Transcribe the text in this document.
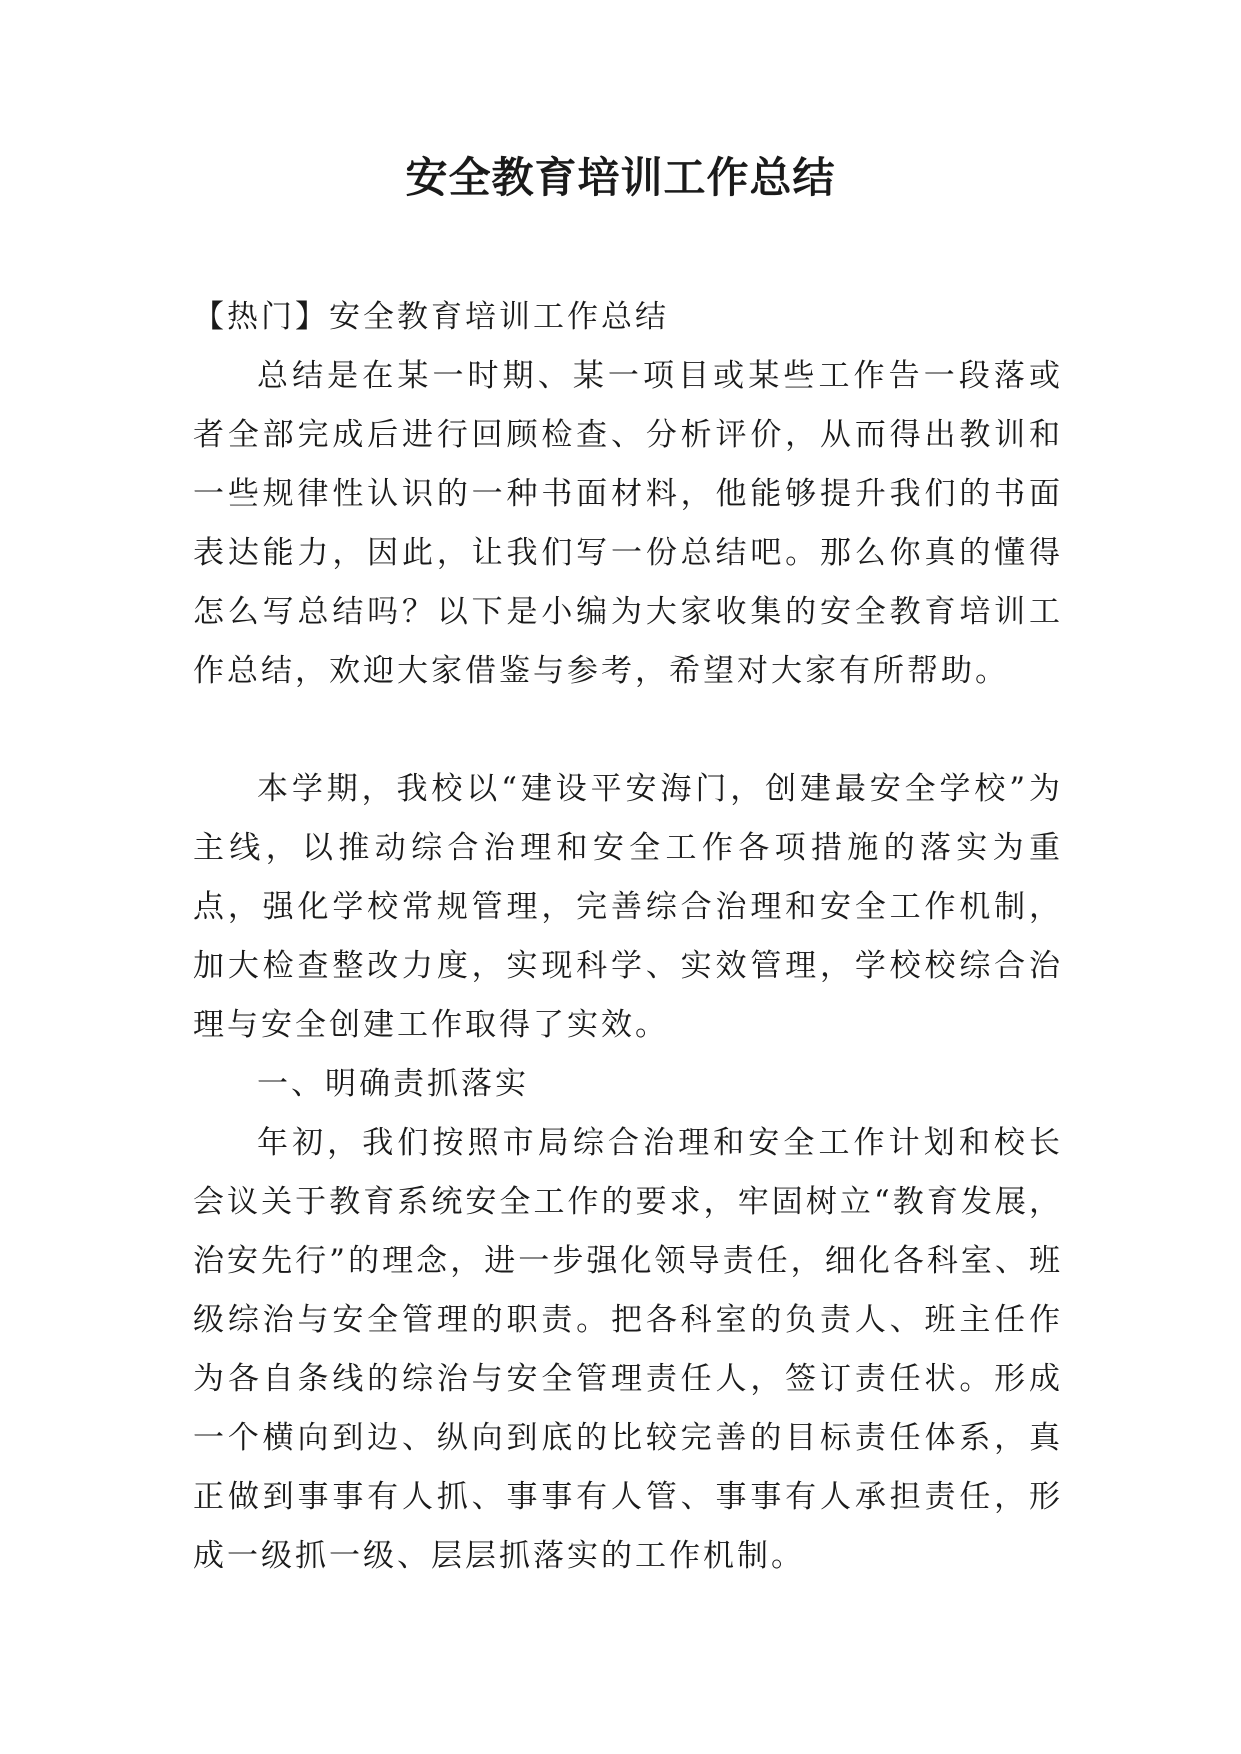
安全教育培训工作总结

【热门】安全教育培训工作总结

总结是在某一时期、某一项目或某些工作告一段落或者全部完成后进行回顾检查、分析评价，从而得出教训和一些规律性认识的一种书面材料，他能够提升我们的书面表达能力，因此，让我们写一份总结吧。那么你真的懂得怎么写总结吗？以下是小编为大家收集的安全教育培训工作总结，欢迎大家借鉴与参考，希望对大家有所帮助。

本学期，我校以“建设平安海门，创建最安全学校”为主线，以推动综合治理和安全工作各项措施的落实为重点，强化学校常规管理，完善综合治理和安全工作机制，加大检查整改力度，实现科学、实效管理，学校校综合治理与安全创建工作取得了实效。

一、明确责抓落实

年初，我们按照市局综合治理和安全工作计划和校长会议关于教育系统安全工作的要求，牢固树立“教育发展，治安先行”的理念，进一步强化领导责任，细化各科室、班级综治与安全管理的职责。把各科室的负责人、班主任作为各自条线的综治与安全管理责任人，签订责任状。形成一个横向到边、纵向到底的比较完善的目标责任体系，真正做到事事有人抓、事事有人管、事事有人承担责任，形成一级抓一级、层层抓落实的工作机制。
